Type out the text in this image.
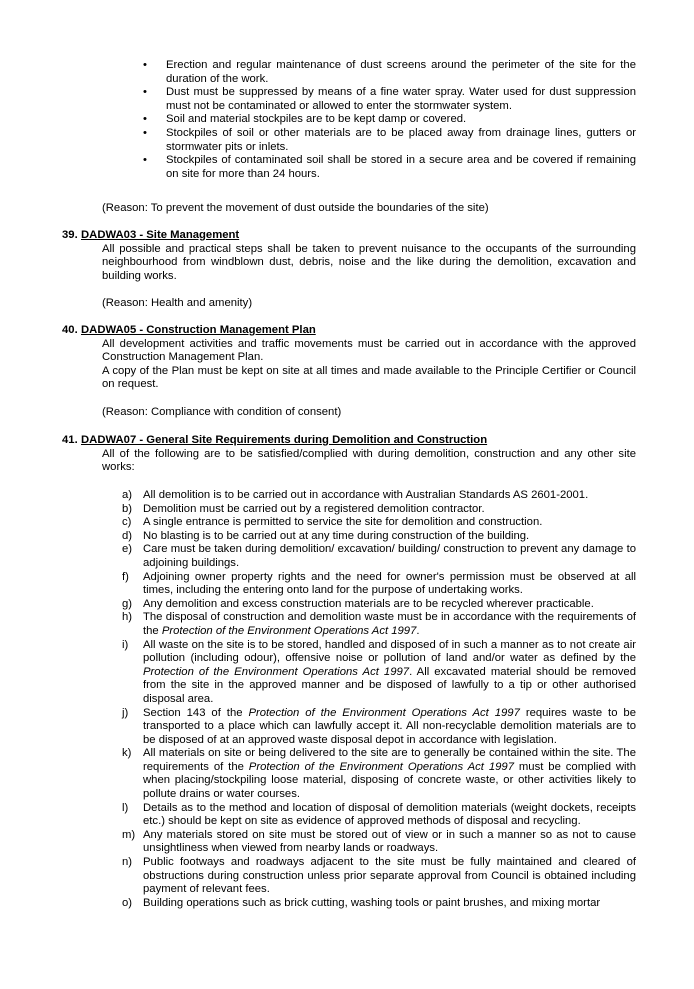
• Erection and regular maintenance of dust screens around the perimeter of the site for the duration of the work.
• Dust must be suppressed by means of a fine water spray. Water used for dust suppression must not be contaminated or allowed to enter the stormwater system.
• Soil and material stockpiles are to be kept damp or covered.
• Stockpiles of soil or other materials are to be placed away from drainage lines, gutters or stormwater pits or inlets.
• Stockpiles of contaminated soil shall be stored in a secure area and be covered if remaining on site for more than 24 hours.
(Reason: To prevent the movement of dust outside the boundaries of the site)
39. DADWA03 - Site Management

All possible and practical steps shall be taken to prevent nuisance to the occupants of the surrounding neighbourhood from windblown dust, debris, noise and the like during the demolition, excavation and building works.

(Reason: Health and amenity)

40. DADWA05 - Construction Management Plan

All development activities and traffic movements must be carried out in accordance with the approved Construction Management Plan.

A copy of the Plan must be kept on site at all times and made available to the Principle Certifier or Council on request.

(Reason: Compliance with condition of consent)

41. DADWA07 - General Site Requirements during Demolition and Construction

All of the following are to be satisfied/complied with during demolition, construction and any other site works:

a) All demolition is to be carried out in accordance with Australian Standards AS 2601-2001.
b) Demolition must be carried out by a registered demolition contractor.
c)	A single entrance is permitted to service the site for demolition and construction.
d) No blasting is to be carried out at any time during construction of the building.
e) Care must be taken during demolition/ excavation/ building/ construction to prevent any damage to adjoining buildings.
f)	Adjoining owner property rights and the need for owner's permission must be observed at all times, including the entering onto land for the purpose of undertaking works.
g) Any demolition and excess construction materials are to be recycled wherever practicable.
h) The disposal of construction and demolition waste must be in accordance with the requirements of the Protection of the Environment Operations Act 1997.
i)	All waste on the site is to be stored, handled and disposed of in such a manner as to not create air pollution (including odour), offensive noise or pollution of land and/or water as defined by the Protection of the Environment Operations Act 1997. All excavated material should be removed from the site in the approved manner and be disposed of lawfully to a tip or other authorised disposal area.
j)	Section 143 of the Protection of the Environment Operations Act 1997 requires waste to be transported to a place which can lawfully accept it. All non-recyclable demolition materials are to be disposed of at an approved waste disposal depot in accordance with legislation.
k)	All materials on site or being delivered to the site are to generally be contained within the site. The requirements of the Protection of the Environment Operations Act 1997 must be complied with when placing/stockpiling loose material, disposing of concrete waste, or other activities likely to pollute drains or water courses.
l)	Details as to the method and location of disposal of demolition materials (weight dockets, receipts etc.) should be kept on site as evidence of approved methods of disposal and recycling.
m) Any materials stored on site must be stored out of view or in such a manner so as not to cause unsightliness when viewed from nearby lands or roadways.
n) Public footways and roadways adjacent to the site must be fully maintained and cleared of obstructions during construction unless prior separate approval from Council is obtained including payment of relevant fees.
o) Building operations such as brick cutting, washing tools or paint brushes, and mixing mortar
